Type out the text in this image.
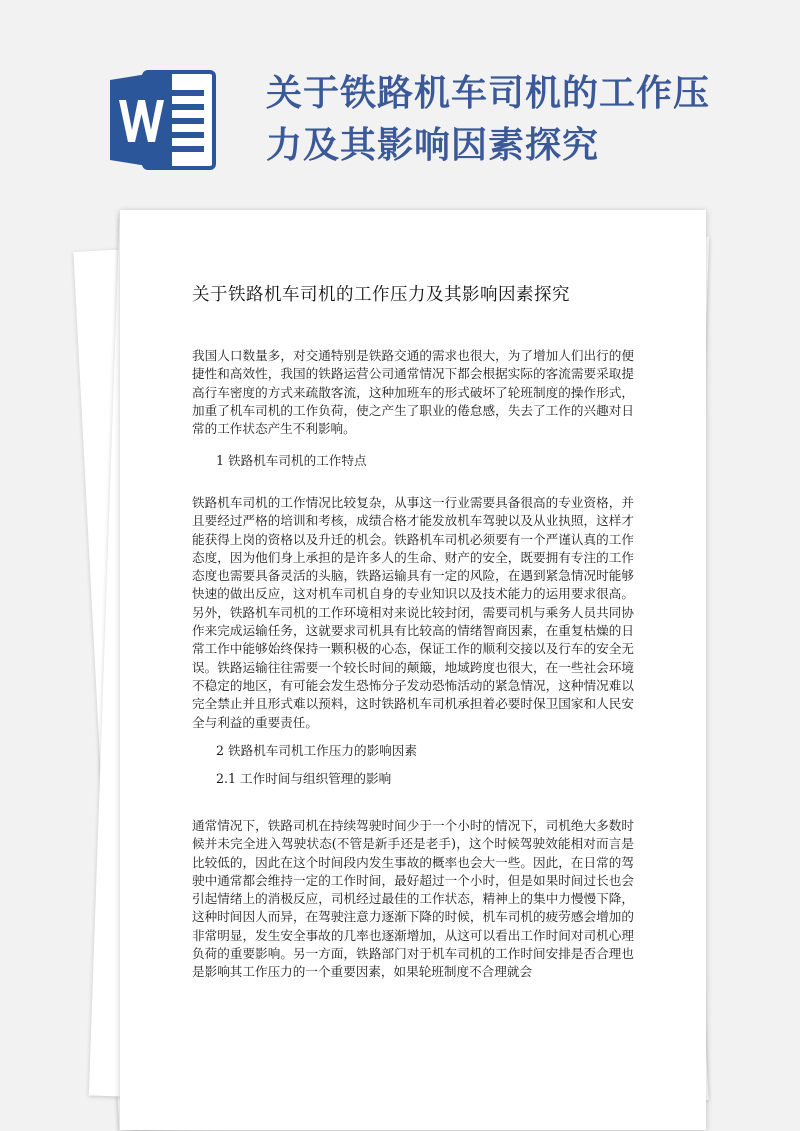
关于铁路机车司机的工作压力及其影响因素探究
关于铁路机车司机的工作压力及其影响因素探究

我国人口数量多，对交通特别是铁路交通的需求也很大，为了增加人们出行的便捷性和高效性，我国的铁路运营公司通常情况下都会根据实际的客流需要采取提高行车密度的方式来疏散客流，这种加班车的形式破坏了轮班制度的操作形式，加重了机车司机的工作负荷，使之产生了职业的倦怠感，失去了工作的兴趣对日常的工作状态产生不利影响。

1 铁路机车司机的工作特点

铁路机车司机的工作情况比较复杂，从事这一行业需要具备很高的专业资格，并且要经过严格的培训和考核，成绩合格才能发放机车驾驶以及从业执照，这样才能获得上岗的资格以及升迁的机会。铁路机车司机必须要有一个严谨认真的工作态度，因为他们身上承担的是许多人的生命、财产的安全，既要拥有专注的工作态度也需要具备灵活的头脑，铁路运输具有一定的风险，在遇到紧急情况时能够快速的做出反应，这对机车司机自身的专业知识以及技术能力的运用要求很高。另外，铁路机车司机的工作环境相对来说比较封闭，需要司机与乘务人员共同协作来完成运输任务，这就要求司机具有比较高的情绪智商因素，在重复枯燥的日常工作中能够始终保持一颗积极的心态，保证工作的顺利交接以及行车的安全无误。铁路运输往往需要一个较长时间的颠簸，地域跨度也很大，在一些社会环境不稳定的地区，有可能会发生恐怖分子发动恐怖活动的紧急情况，这种情况难以完全禁止并且形式难以预料，这时铁路机车司机承担着必要时保卫国家和人民安全与利益的重要责任。

2 铁路机车司机工作压力的影响因素

2.1 工作时间与组织管理的影响

通常情况下，铁路司机在持续驾驶时间少于一个小时的情况下，司机绝大多数时候并未完全进入驾驶状态(不管是新手还是老手)，这个时候驾驶效能相对而言是比较低的，因此在这个时间段内发生事故的概率也会大一些。因此，在日常的驾驶中通常都会维持一定的工作时间，最好超过一个小时，但是如果时间过长也会引起情绪上的消极反应，司机经过最佳的工作状态，精神上的集中力慢慢下降，这种时间因人而异，在驾驶注意力逐渐下降的时候，机车司机的疲劳感会增加的非常明显，发生安全事故的几率也逐渐增加，从这可以看出工作时间对司机心理负荷的重要影响。另一方面，铁路部门对于机车司机的工作时间安排是否合理也是影响其工作压力的一个重要因素，如果轮班制度不合理就会
